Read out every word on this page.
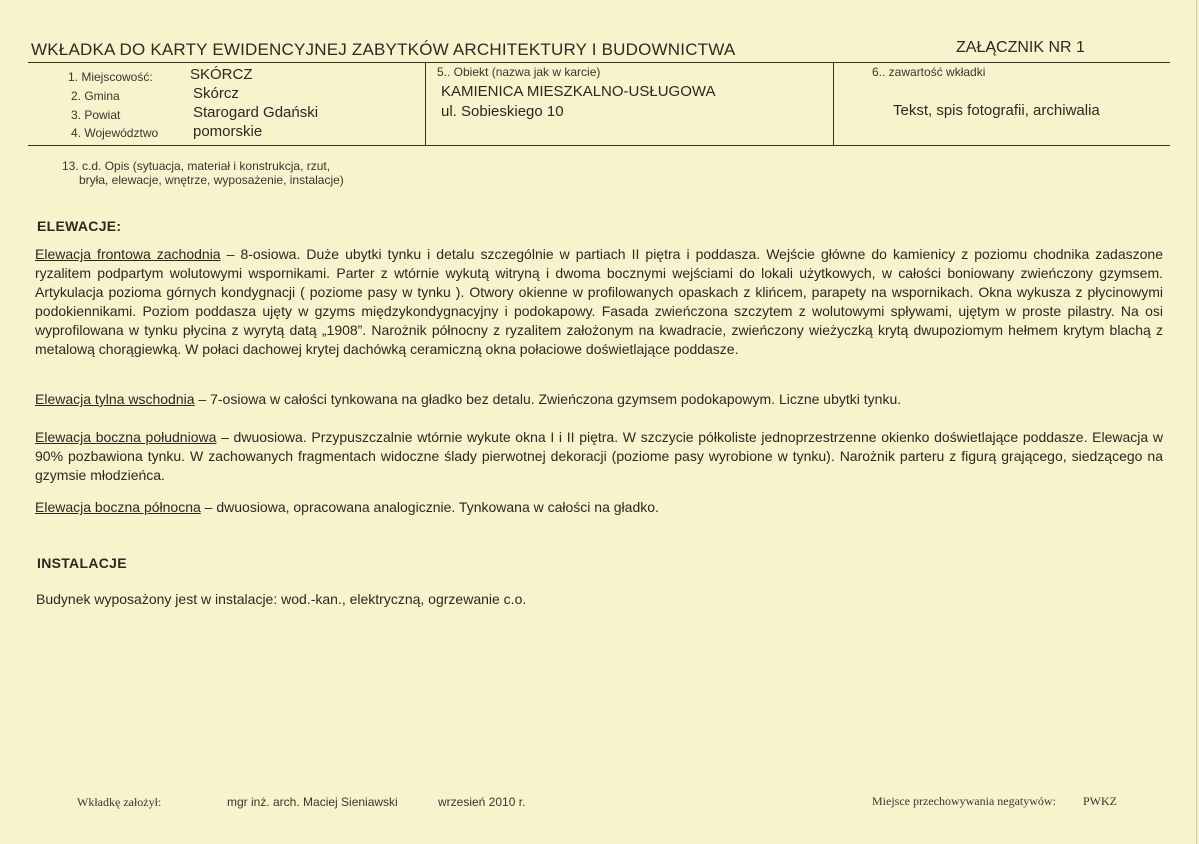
WKŁADKA DO KARTY EWIDENCYJNEJ ZABYTKÓW ARCHITEKTURY I BUDOWNICTWA	ZAŁĄCZNIK NR 1
1. Miejscowość: SKÓRCZ
2. Gmina	Skórcz
3. Powiat	Starogard Gdański
4. Województwo pomorskie
5.. Obiekt (nazwa jak w karcie)
KAMIENICA MIESZKALNO-USŁUGOWA
ul. Sobieskiego 10
6.. zawartość wkładki
Tekst, spis fotografii, archiwalia
13. c.d. Opis (sytuacja, materiał i konstrukcja, rzut,
bryła, elewacje, wnętrze, wyposażenie, instalacje)
ELEWACJE:
Elewacja frontowa zachodnia – 8-osiowa. Duże ubytki tynku i detalu szczególnie w partiach II piętra i poddasza. Wejście główne do kamienicy z poziomu chodnika zadaszone ryzalitem podpartym wolutowymi wspornikami. Parter z wtórnie wykutą witryną i dwoma bocznymi wejściami do lokali użytkowych, w całości boniowany zwieńczony gzymsem. Artykulacja pozioma górnych kondygnacji ( poziome pasy w tynku ). Otwory okienne w profilowanych opaskach z klińcem, parapety na wspornikach. Okna wykusza z płycinowymi podokiennikami. Poziom poddasza ujęty w gzyms międzykondygnacyjny i podokapowy. Fasada zwieńczona szczytem z wolutowymi spływami, ujętym w proste pilastry. Na osi wyprofilowana w tynku płycina z wyrytą datą „1908”. Narożnik północny z ryzalitem założonym na kwadracie, zwieńczony wieżyczką krytą dwupoziomym hełmem krytym blachą z metalową chorągiewką. W połaci dachowej krytej dachówką ceramiczną okna połaciowe doświetlające poddasze.
Elewacja tylna wschodnia – 7-osiowa w całości tynkowana na gładko bez detalu. Zwieńczona gzymsem podokapowym. Liczne ubytki tynku.
Elewacja boczna południowa – dwuosiowa. Przypuszczalnie wtórnie wykute okna I i II piętra. W szczycie półkoliste jednoprzestrzenne okienko doświetlające poddasze. Elewacja w 90% pozbawiona tynku. W zachowanych fragmentach widoczne ślady pierwotnej dekoracji (poziome pasy wyrobione w tynku). Narożnik parteru z figurą grającego, siedzącego na gzymsie młodzieńca.
Elewacja boczna północna – dwuosiowa, opracowana analogicznie. Tynkowana w całości na gładko.
INSTALACJE
Budynek wyposażony jest w instalacje: wod.-kan., elektryczną, ogrzewanie c.o.
Wkładkę założył:	mgr inż. arch. Maciej Sieniawski	wrzesień 2010 r.	Miejsce przechowywania negatywów: PWKZ
